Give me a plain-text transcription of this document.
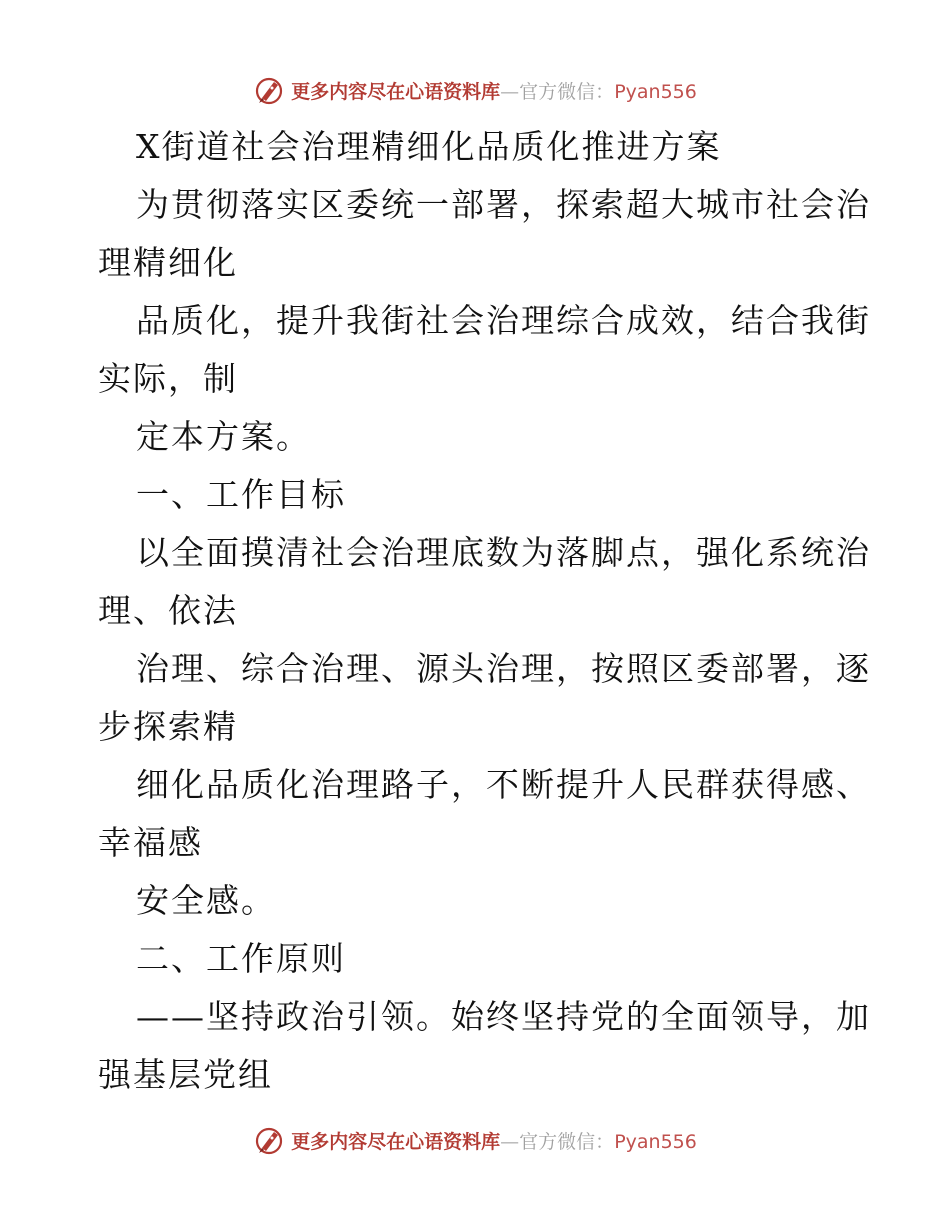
更多内容尽在心语资料库—官方微信：Pyan556
X街道社会治理精细化品质化推进方案
为贯彻落实区委统一部署，探索超大城市社会治
理精细化
品质化，提升我街社会治理综合成效，结合我街
实际，制
定本方案。
一、工作目标
以全面摸清社会治理底数为落脚点，强化系统治
理、依法
治理、综合治理、源头治理，按照区委部署，逐
步探索精
细化品质化治理路子，不断提升人民群获得感、
幸福感
安全感。
二、工作原则
——坚持政治引领。始终坚持党的全面领导，加
强基层党组
更多内容尽在心语资料库—官方微信：Pyan556
